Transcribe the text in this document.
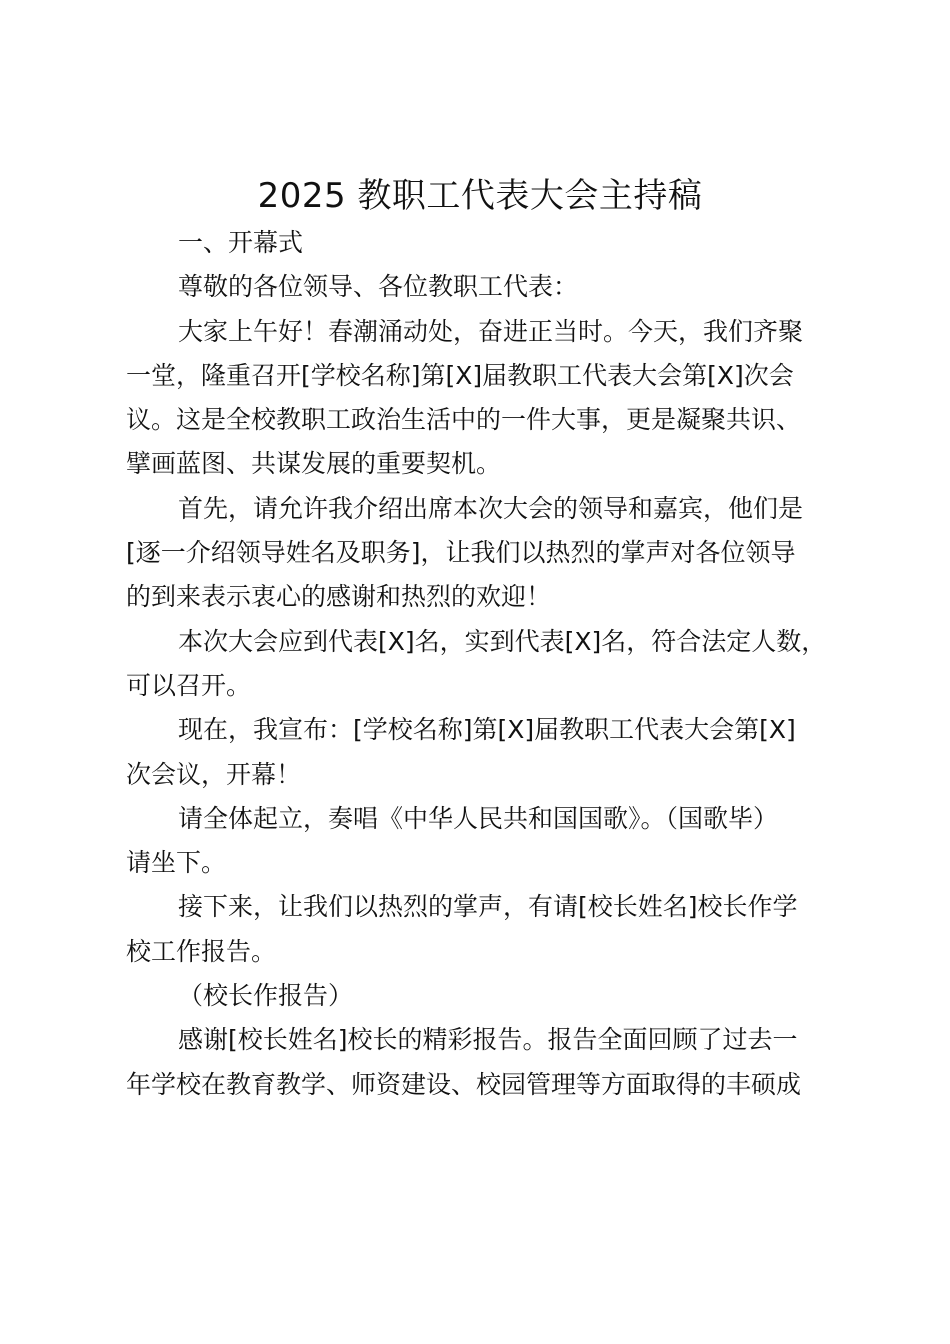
2025 教职工代表大会主持稿

一、开幕式

尊敬的各位领导、各位教职工代表：

大家上午好！春潮涌动处，奋进正当时。今天，我们齐聚
一堂，隆重召开[学校名称]第[X]届教职工代表大会第[X]次会
议。这是全校教职工政治生活中的一件大事，更是凝聚共识、
擘画蓝图、共谋发展的重要契机。

首先，请允许我介绍出席本次大会的领导和嘉宾，他们是
[逐一介绍领导姓名及职务]，让我们以热烈的掌声对各位领导
的到来表示衷心的感谢和热烈的欢迎！

本次大会应到代表[X]名，实到代表[X]名，符合法定人数，
可以召开。

现在，我宣布：[学校名称]第[X]届教职工代表大会第[X]
次会议，开幕！

请全体起立，奏唱《中华人民共和国国歌》。（国歌毕）
请坐下。

接下来，让我们以热烈的掌声，有请[校长姓名]校长作学
校工作报告。

（校长作报告）

感谢[校长姓名]校长的精彩报告。报告全面回顾了过去一
年学校在教育教学、师资建设、校园管理等方面取得的丰硕成
